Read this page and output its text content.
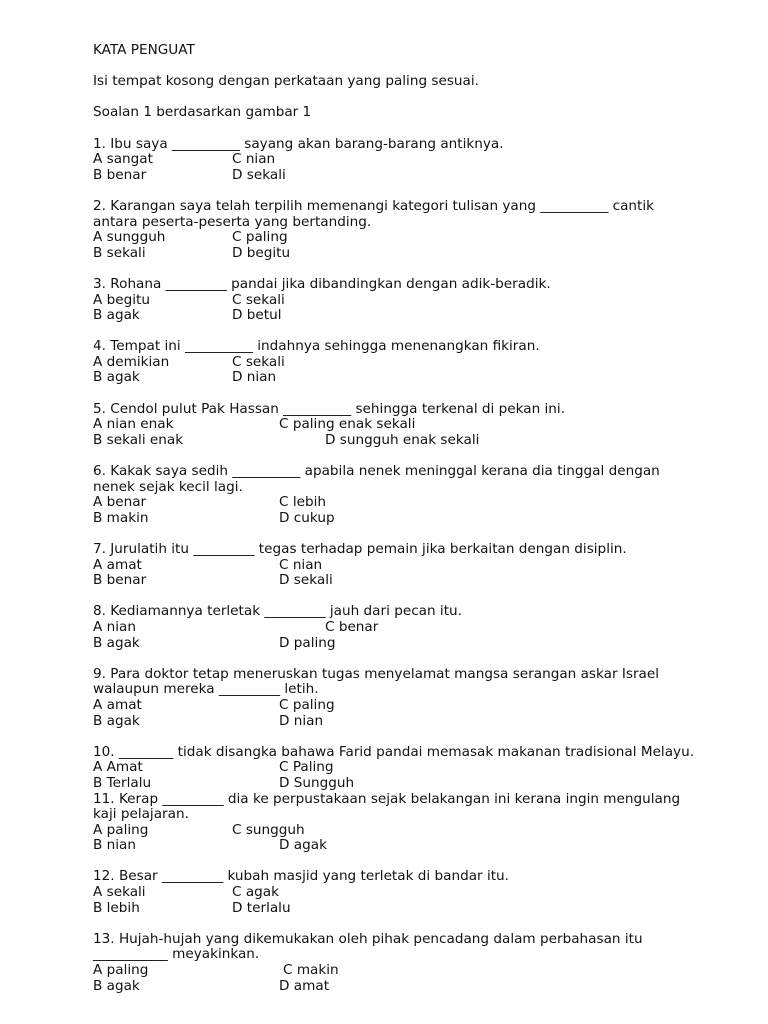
KATA PENGUAT
Isi tempat kosong dengan perkataan yang paling sesuai.
Soalan 1 berdasarkan gambar 1
1. Ibu saya __________ sayang akan barang-barang antiknya.
A sangat	C nian
B benar	D sekali
2. Karangan saya telah terpilih memenangi kategori tulisan yang __________ cantik
antara peserta-peserta yang bertanding.
A sungguh	C paling
B sekali	D begitu
3. Rohana _________ pandai jika dibandingkan dengan adik-beradik.
A begitu	C sekali
B agak	D betul
4. Tempat ini __________ indahnya sehingga menenangkan fikiran.
A demikian	C sekali
B agak	D nian
5. Cendol pulut Pak Hassan __________ sehingga terkenal di pekan ini.
A nian enak	C paling enak sekali
B sekali enak	D sungguh enak sekali
6. Kakak saya sedih __________ apabila nenek meninggal kerana dia tinggal dengan
nenek sejak kecil lagi.
A benar	C lebih
B makin	D cukup
7. Jurulatih itu _________ tegas terhadap pemain jika berkaitan dengan disiplin.
A amat	C nian
B benar	D sekali
8. Kediamannya terletak _________ jauh dari pecan itu.
A nian	C benar
B agak	D paling
9. Para doktor tetap meneruskan tugas menyelamat mangsa serangan askar Israel
walaupun mereka _________ letih.
A amat	C paling
B agak	D nian
10. ________ tidak disangka bahawa Farid pandai memasak makanan tradisional Melayu.
A Amat	C Paling
B Terlalu	D Sungguh
11. Kerap _________ dia ke perpustakaan sejak belakangan ini kerana ingin mengulang
kaji pelajaran.
A paling	C sungguh
B nian	D agak
12. Besar _________ kubah masjid yang terletak di bandar itu.
A sekali	C agak
B lebih	D terlalu
13. Hujah-hujah yang dikemukakan oleh pihak pencadang dalam perbahasan itu
___________ meyakinkan.
A paling	C makin
B agak	D amat
